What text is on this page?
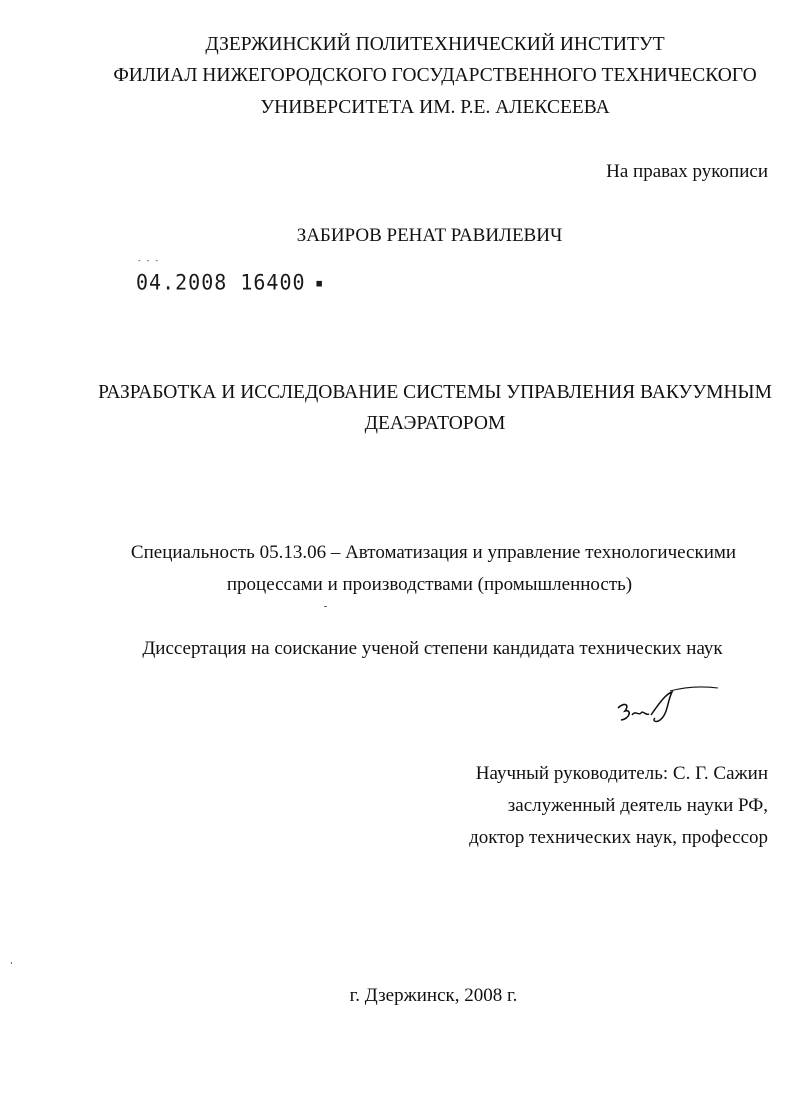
ДЗЕРЖИНСКИЙ ПОЛИТЕХНИЧЕСКИЙ ИНСТИТУТ
ФИЛИАЛ НИЖЕГОРОДСКОГО ГОСУДАРСТВЕННОГО ТЕХНИЧЕСКОГО
УНИВЕРСИТЕТА ИМ. Р.Е. АЛЕКСЕЕВА
На правах рукописи
ЗАБИРОВ РЕНАТ РАВИЛЕВИЧ
- - -
04.2008 16400 ▪
РАЗРАБОТКА И ИССЛЕДОВАНИЕ СИСТЕМЫ УПРАВЛЕНИЯ ВАКУУМНЫМ
ДЕАЭРАТОРОМ
Специальность 05.13.06 – Автоматизация и управление технологическими
процессами и производствами (промышленность)
Диссертация на соискание ученой степени кандидата технических наук
Научный руководитель: С. Г. Сажин
заслуженный деятель науки РФ,
доктор технических наук, профессор
г. Дзержинск, 2008 г.
